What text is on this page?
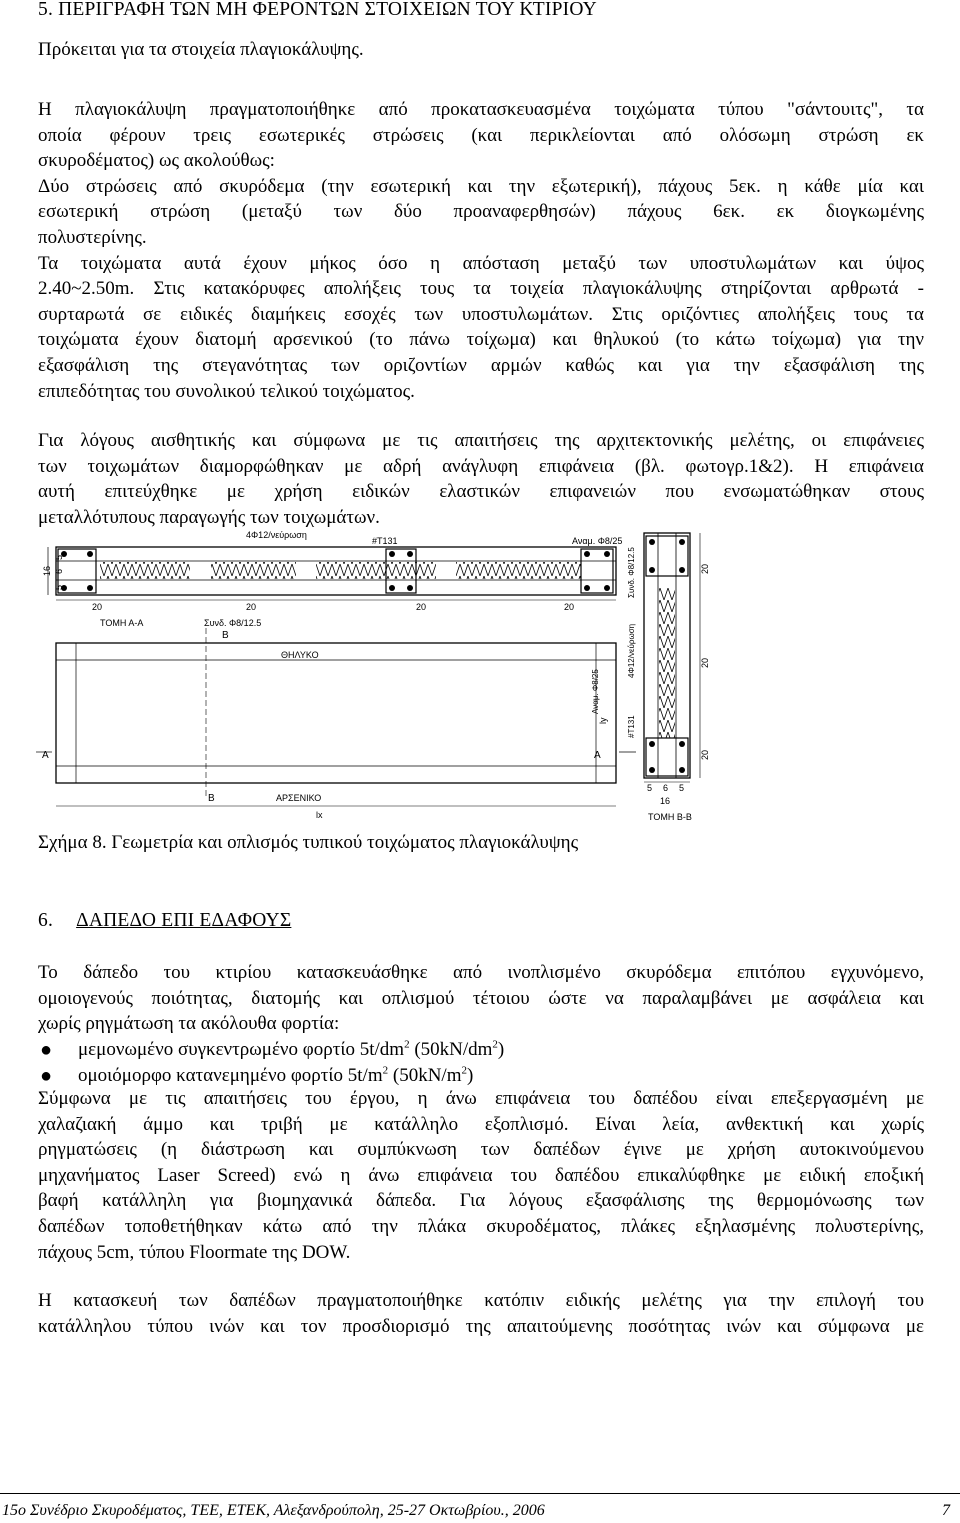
5. ΠΕΡΙΓΡΑΦΗ ΤΩΝ ΜΗ ΦΕΡΟΝΤΩΝ ΣΤΟΙΧΕΙΩΝ ΤΟΥ ΚΤΙΡΙΟΥ
Πρόκειται για τα στοιχεία πλαγιοκάλυψης.
Η πλαγιοκάλυψη πραγματοποιήθηκε από προκατασκευασμένα τοιχώματα τύπου "σάντουιτς", τα
οποία φέρουν τρεις εσωτερικές στρώσεις (και περικλείονται από ολόσωμη στρώση εκ
σκυροδέματος) ως ακολούθως:
Δύο στρώσεις από σκυρόδεμα (την εσωτερική και την εξωτερική), πάχους 5εκ. η κάθε μία και
εσωτερική στρώση (μεταξύ των δύο προαναφερθησών) πάχους 6εκ. εκ διογκωμένης
πολυστερίνης.
Τα τοιχώματα αυτά έχουν μήκος όσο η απόσταση μεταξύ των υποστυλωμάτων και ύψος
2.40~2.50m. Στις κατακόρυφες απολήξεις τους τα τοιχεία πλαγιοκάλυψης στηρίζονται αρθρωτά -
συρταρωτά σε ειδικές διαμήκεις εσοχές των υποστυλωμάτων. Στις οριζόντιες απολήξεις τους τα
τοιχώματα έχουν διατομή αρσενικού (το πάνω τοίχωμα) και θηλυκού (το κάτω τοίχωμα) για την
εξασφάλιση της στεγανότητας των οριζοντίων αρμών καθώς και για την εξασφάλιση της
επιπεδότητας του συνολικού τελικού τοιχώματος.
Για λόγους αισθητικής και σύμφωνα με τις απαιτήσεις της αρχιτεκτονικής μελέτης, οι επιφάνειες
των τοιχωμάτων διαμορφώθηκαν με αδρή ανάγλυφη επιφάνεια (βλ. φωτογρ.1&2). Η επιφάνεια
αυτή επιτεύχθηκε με χρήση ειδικών ελαστικών επιφανειών που ενσωματώθηκαν στους
μεταλλότυπους παραγωγής των τοιχωμάτων.
16
5
6
5
4Φ12/νεύρωση
#Τ131	Αναμ. Φ8/25
20	20	20	20
ΤΟΜΗ Α-Α	Συνδ. Φ8/12.5
B
ΘΗΛΥΚΟ
ΑΡΣΕΝΙΚΟ
B
lx
A	A
Αναμ. Φ8/25
ly
Συνδ. Φ8/12.5
4Φ12/νεύρωση
#Τ131
20
20
20
5 6 5
16
ΤΟΜΗ Β-Β
Σχήμα 8. Γεωμετρία και οπλισμός τυπικού τοιχώματος πλαγιοκάλυψης
6. ΔΑΠΕΔΟ ΕΠΙ ΕΔΑΦΟΥΣ
Το δάπεδο του κτιρίου κατασκευάσθηκε από ινοπλισμένο σκυρόδεμα επιτόπου εγχυνόμενο,
ομοιογενούς ποιότητας, διατομής και οπλισμού τέτοιου ώστε να παραλαμβάνει με ασφάλεια και
χωρίς ρηγμάτωση τα ακόλουθα φορτία:
● μεμονωμένο συγκεντρωμένο φορτίο $5t/dm^2$ $(50kN/dm^2)$
● ομοιόμορφο κατανεμημένο φορτίο $5t/m^2$ $(50kN/m^2)$
Σύμφωνα με τις απαιτήσεις του έργου, η άνω επιφάνεια του δαπέδου είναι επεξεργασμένη με
χαλαζιακή άμμο και τριβή με κατάλληλο εξοπλισμό. Είναι λεία, ανθεκτική και χωρίς
ρηγματώσεις (η διάστρωση και συμπύκνωση των δαπέδων έγινε με χρήση αυτοκινούμενου
μηχανήματος Laser Screed) ενώ η άνω επιφάνεια του δαπέδου επικαλύφθηκε με ειδική εποξική
βαφή κατάλληλη για βιομηχανικά δάπεδα. Για λόγους εξασφάλισης της θερμομόνωσης των
δαπέδων τοποθετήθηκαν κάτω από την πλάκα σκυροδέματος, πλάκες εξηλασμένης πολυστερίνης,
πάχους 5cm, τύπου Floormate της DOW.
Η κατασκευή των δαπέδων πραγματοποιήθηκε κατόπιν ειδικής μελέτης για την επιλογή του
κατάλληλου τύπου ινών και τον προσδιορισμό της απαιτούμενης ποσότητας ινών και σύμφωνα με
15ο Συνέδριο Σκυροδέματος, ΤΕΕ, ΕΤΕΚ, Αλεξανδρούπολη, 25-27 Οκτωβρίου., 2006	7
